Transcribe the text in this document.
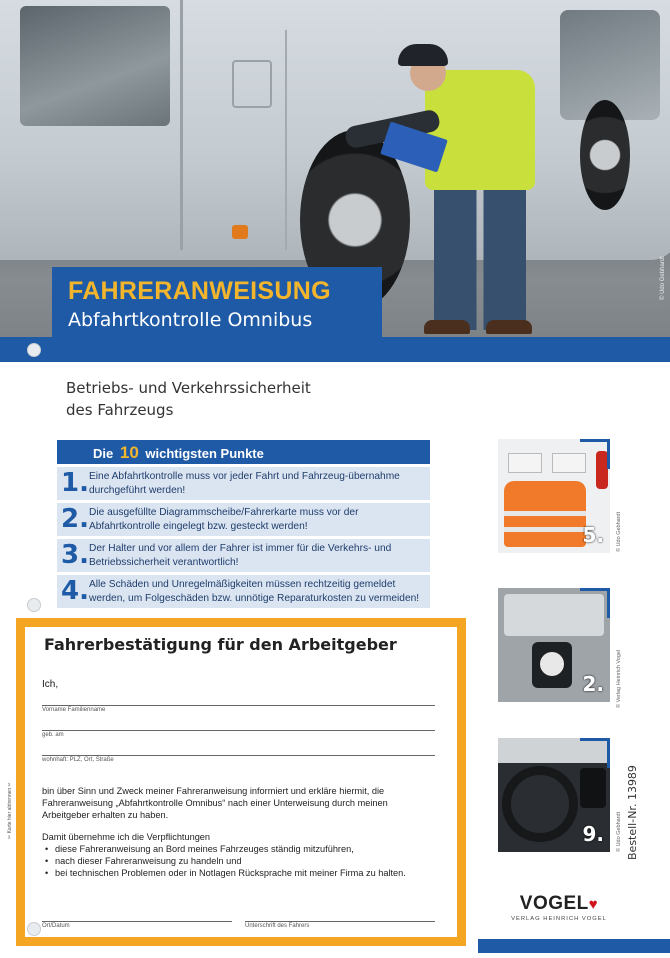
© Udo Gebhardt
FAHRERANWEISUNG
Abfahrtkontrolle Omnibus
Betriebs- und Verkehrssicherheit
des Fahrzeugs
Die 10 wichtigsten Punkte
1. Eine Abfahrtkontrolle muss vor jeder Fahrt und Fahrzeug-übernahme durchgeführt werden!
2. Die ausgefüllte Diagrammscheibe/Fahrerkarte muss vor der Abfahrtkontrolle eingelegt bzw. gesteckt werden!
3. Der Halter und vor allem der Fahrer ist immer für die Verkehrs- und Betriebssicherheit verantwortlich!
4. Alle Schäden und Unregelmäßigkeiten müssen rechtzeitig gemeldet werden, um Folgeschäden bzw. unnötige Reparaturkosten zu vermeiden!
5. © Udo Gebhardt
2. © Verlag Heinrich Vogel
9. © Udo Gebhardt Bestell-Nr. 13989
VOGEL♥
VERLAG HEINRICH VOGEL
Fahrerbestätigung für den Arbeitgeber
Ich,
Vorname Familienname
geb. am
wohnhaft: PLZ, Ort, Straße

bin über Sinn und Zweck meiner Fahreranweisung informiert und erkläre hiermit, die Fahreranweisung „Abfahrtkontrolle Omnibus“ nach einer Unterweisung durch meinen Arbeitgeber erhalten zu haben.

Damit übernehme ich die Verpflichtungen

• diese Fahreranweisung an Bord meines Fahrzeuges ständig mitzuführen,
• nach dieser Fahreranweisung zu handeln und
• bei technischen Problemen oder in Notlagen Rücksprache mit meiner Firma zu halten.
Ort/Datum	Unterschrift des Fahrers
✂ Karte hier abtrennen ✂
